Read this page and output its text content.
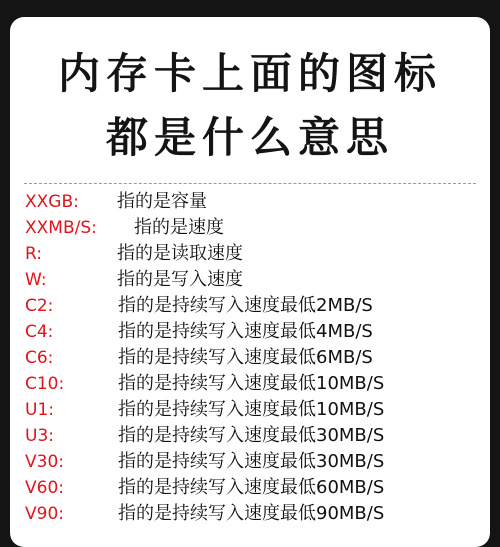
内存卡上面的图标
都是什么意思
XXGB: 指的是容量
XXMB/S: 指的是速度
R:	指的是读取速度
W:	指的是写入速度
C2:	指的是持续写入速度最低2MB/S
C4:	指的是持续写入速度最低4MB/S
C6:	指的是持续写入速度最低6MB/S
C10:	指的是持续写入速度最低10MB/S
U1:	指的是持续写入速度最低10MB/S
U3:	指的是持续写入速度最低30MB/S
V30:	指的是持续写入速度最低30MB/S
V60:	指的是持续写入速度最低60MB/S
V90:	指的是持续写入速度最低90MB/S
